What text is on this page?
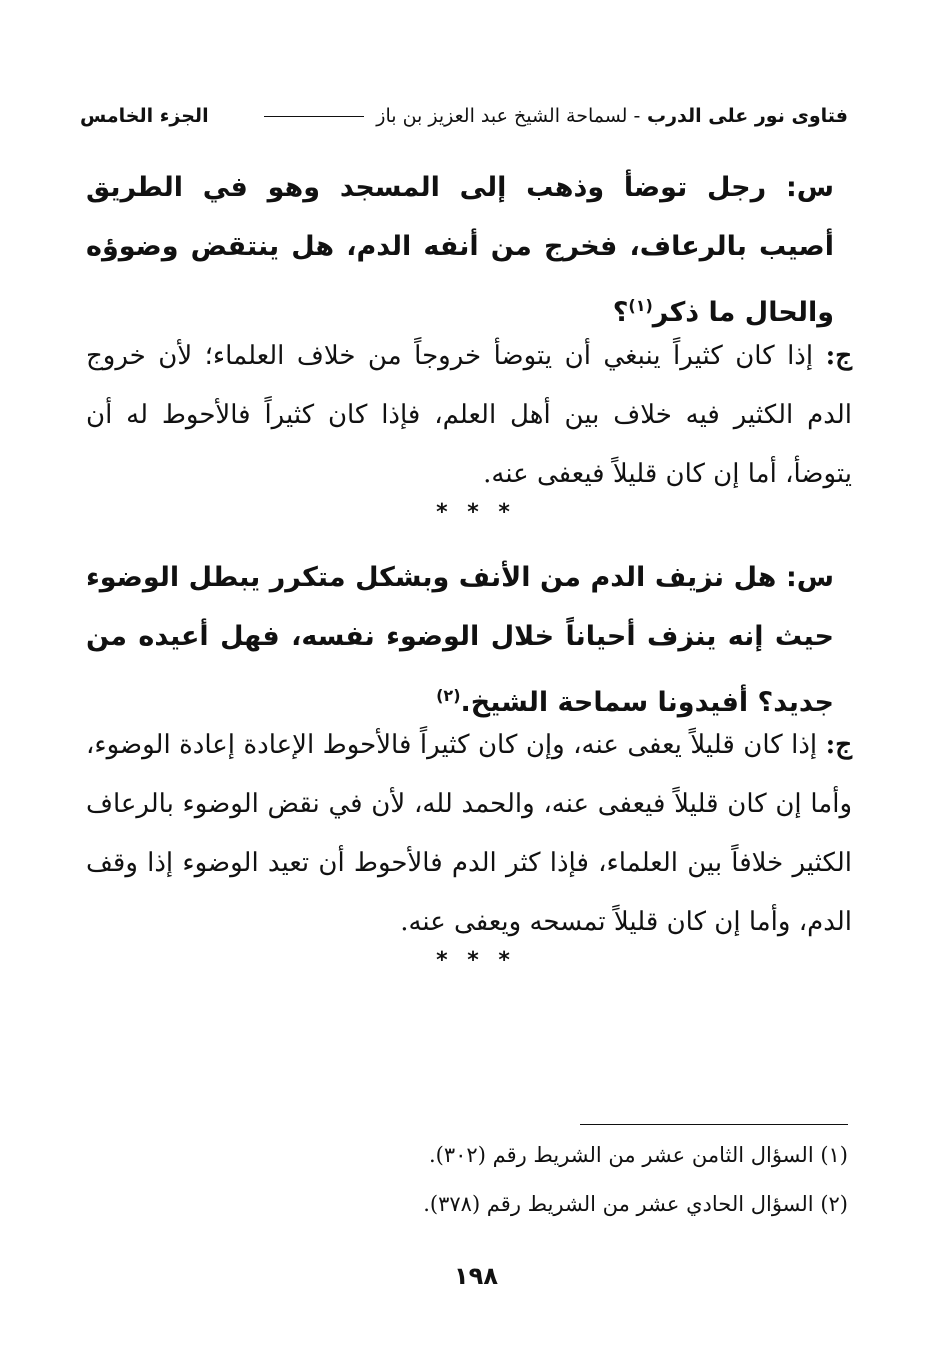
فتاوى نور على الدرب - لسماحة الشيخ عبد العزيز بن باز
الجزء الخامس
س: رجل توضأ وذهب إلى المسجد وهو في الطريق أصيب بالرعاف، فخرج من أنفه الدم، هل ينتقض وضوؤه والحال ما ذكر$^{(١)}$؟
ج: إذا كان كثيراً ينبغي أن يتوضأ خروجاً من خلاف العلماء؛ لأن خروج الدم الكثير فيه خلاف بين أهل العلم، فإذا كان كثيراً فالأحوط له أن يتوضأ، أما إن كان قليلاً فيعفى عنه.
* * *
س: هل نزيف الدم من الأنف وبشكل متكرر يبطل الوضوء حيث إنه ينزف أحياناً خلال الوضوء نفسه، فهل أعيده من جديد؟ أفيدونا سماحة الشيخ.$^{(٢)}$
ج: إذا كان قليلاً يعفى عنه، وإن كان كثيراً فالأحوط الإعادة إعادة الوضوء، وأما إن كان قليلاً فيعفى عنه، والحمد لله، لأن في نقض الوضوء بالرعاف الكثير خلافاً بين العلماء، فإذا كثر الدم فالأحوط أن تعيد الوضوء إذا وقف الدم، وأما إن كان قليلاً تمسحه ويعفى عنه.
* * *
(١) السؤال الثامن عشر من الشريط رقم (٣٠٢).
(٢) السؤال الحادي عشر من الشريط رقم (٣٧٨).
١٩٨
